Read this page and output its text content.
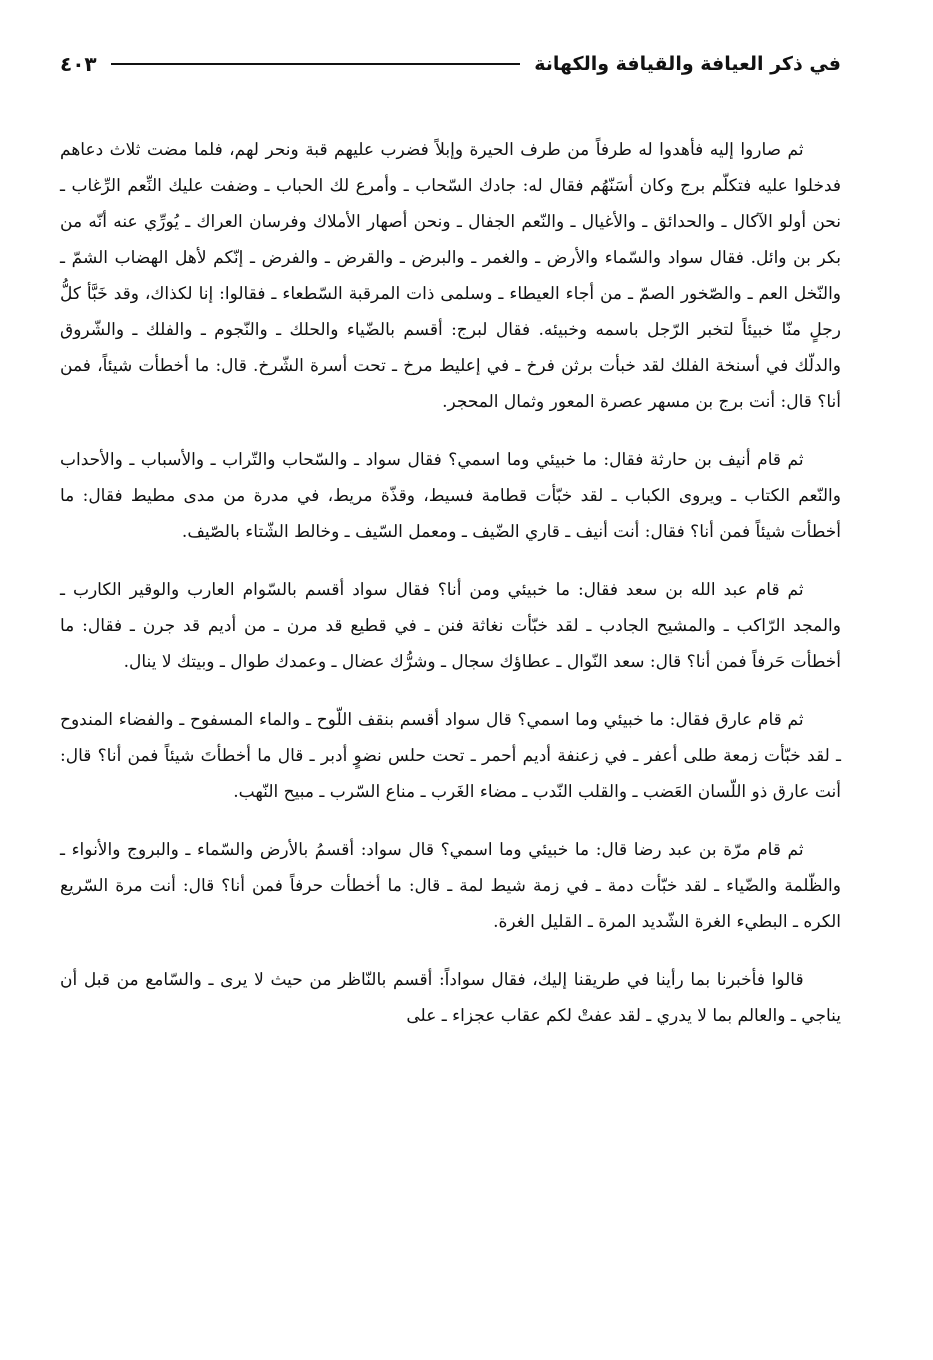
في ذكر العيافة والقيافة والكهانة
٤٠٣

ثم صاروا إليه فأهدوا له طرفاً من طرف الحيرة وإبلاً فضرب عليهم قبة ونحر لهم، فلما مضت ثلاث دعاهم فدخلوا عليه فتكلّم برج وكان أسَنّهُم فقال له: جادك السّحاب ـ وأمرع لك الحباب ـ وضفت عليك النِّعم الرِّغاب ـ نحن أولو الآكال ـ والحدائق ـ والأغيال ـ والنّعم الجفال ـ ونحن أصهار الأملاك وفرسان العراك ـ يُورِّي عنه أنّه من بكر بن وائل. فقال سواد والسّماء والأرض ـ والغمر ـ والبرض ـ والقرض ـ والفرض ـ إنّكم لأهل الهضاب الشمّ ـ والنّخل العم ـ والصّخور الصمّ ـ من أجاء العيطاء ـ وسلمى ذات المرقبة السّطعاء ـ فقالوا: إنا لكذاك، وقد خَبَّأ كلُّ رجلٍ منّا خبيئاً لتخبر الرّجل باسمه وخبيئه. فقال لبرج: أقسم بالضّياء والحلك ـ والنّجوم ـ والفلك ـ والشّروق والدلّك في أسنخة الفلك لقد خبأت برثن فرخ ـ في إعليط مرخ ـ تحت أسرة الشّرخ. قال: ما أخطأت شيئاً، فمن أنا؟ قال: أنت برج بن مسهر عصرة المعور وثمال المحجر.

ثم قام أنيف بن حارثة فقال: ما خبيئي وما اسمي؟ فقال سواد ـ والسّحاب والتّراب ـ والأسباب ـ والأحداب والنّعم الكتاب ـ ويروى الكباب ـ لقد خبّأت قطامة فسيط، وقذّة مريط، في مدرة من مدى مطيط فقال: ما أخطأت شيئاً فمن أنا؟ فقال: أنت أنيف ـ قاري الضّيف ـ ومعمل السّيف ـ وخالط الشّتاء بالصّيف.

ثم قام عبد الله بن سعد فقال: ما خبيئي ومن أنا؟ فقال سواد أقسم بالسّوام العارب والوقير الكارب ـ والمجد الرّاكب ـ والمشيح الجادب ـ لقد خبّأت نغاثة فنن ـ في قطيع قد مرن ـ من أديم قد جرن ـ فقال: ما أخطأت حَرفاً فمن أنا؟ قال: سعد النّوال ـ عطاؤك سجال ـ وشرُّك عضال ـ وعمدك طوال ـ وبيتك لا ينال.

ثم قام عارق فقال: ما خبيئي وما اسمي؟ قال سواد أقسم بنقف اللّوح ـ والماء المسفوح ـ والفضاء المندوح ـ لقد خبّأت زمعة طلى أعفر ـ في زعنفة أديم أحمر ـ تحت حلس نضوٍ أدبر ـ قال ما أخطأتَ شيئاً فمن أنا؟ قال: أنت عارق ذو اللّسان العَضب ـ والقلب النّدب ـ مضاء الغَرب ـ مناع السّرب ـ مبيح النّهب.

ثم قام مرّة بن عبد رضا قال: ما خبيئي وما اسمي؟ قال سواد: أقسمُ بالأرض والسّماء ـ والبروج والأنواء ـ والظّلمة والضّياء ـ لقد خبّأت دمة ـ في زمة شيط لمة ـ قال: ما أخطأت حرفاً فمن أنا؟ قال: أنت مرة السّريع الكره ـ البطيء الغرة الشّديد المرة ـ القليل الغرة.

قالوا فأخبرنا بما رأينا في طريقنا إليك، فقال سواداً: أقسم بالنّاظر من حيث لا يرى ـ والسّامع من قبل أن يناجي ـ والعالم بما لا يدري ـ لقد عفتْ لكم عقاب عجزاء ـ على
